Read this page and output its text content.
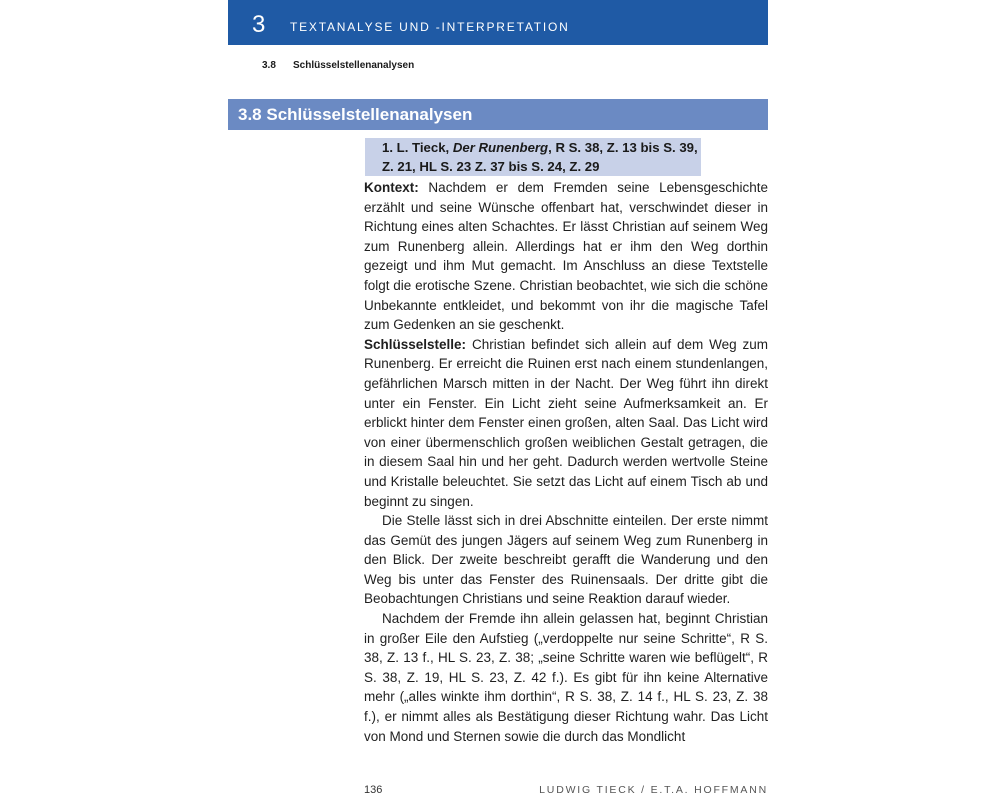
3 TEXTANALYSE UND -INTERPRETATION
3.8 Schlüsselstellenanalysen
3.8 Schlüsselstellenanalysen
1. L. Tieck, Der Runenberg, R S. 38, Z. 13 bis S. 39, Z. 21, HL S. 23 Z. 37 bis S. 24, Z. 29

Kontext: Nachdem er dem Fremden seine Lebensgeschichte erzählt und seine Wünsche offenbart hat, verschwindet dieser in Richtung eines alten Schachtes. Er lässt Christian auf seinem Weg zum Runenberg allein. Allerdings hat er ihm den Weg dorthin gezeigt und ihm Mut gemacht. Im Anschluss an diese Textstelle folgt die erotische Szene. Christian beobachtet, wie sich die schöne Unbekannte entkleidet, und bekommt von ihr die magische Tafel zum Gedenken an sie geschenkt.

Schlüsselstelle: Christian befindet sich allein auf dem Weg zum Runenberg. Er erreicht die Ruinen erst nach einem stundenlangen, gefährlichen Marsch mitten in der Nacht. Der Weg führt ihn direkt unter ein Fenster. Ein Licht zieht seine Aufmerksamkeit an. Er erblickt hinter dem Fenster einen großen, alten Saal. Das Licht wird von einer übermenschlich großen weiblichen Gestalt getragen, die in diesem Saal hin und her geht. Dadurch werden wertvolle Steine und Kristalle beleuchtet. Sie setzt das Licht auf einem Tisch ab und beginnt zu singen.

Die Stelle lässt sich in drei Abschnitte einteilen. Der erste nimmt das Gemüt des jungen Jägers auf seinem Weg zum Runenberg in den Blick. Der zweite beschreibt gerafft die Wanderung und den Weg bis unter das Fenster des Ruinensaals. Der dritte gibt die Beobachtungen Christians und seine Reaktion darauf wieder.

Nachdem der Fremde ihn allein gelassen hat, beginnt Christian in großer Eile den Aufstieg („verdoppelte nur seine Schritte“, R S. 38, Z. 13 f., HL S. 23, Z. 38; „seine Schritte waren wie beflügelt“, R S. 38, Z. 19, HL S. 23, Z. 42 f.). Es gibt für ihn keine Alternative mehr („alles winkte ihm dorthin“, R S. 38, Z. 14 f., HL S. 23, Z. 38 f.), er nimmt alles als Bestätigung dieser Richtung wahr. Das Licht von Mond und Sternen sowie die durch das Mondlicht

136	LUDWIG TIECK / E.T.A. HOFFMANN
